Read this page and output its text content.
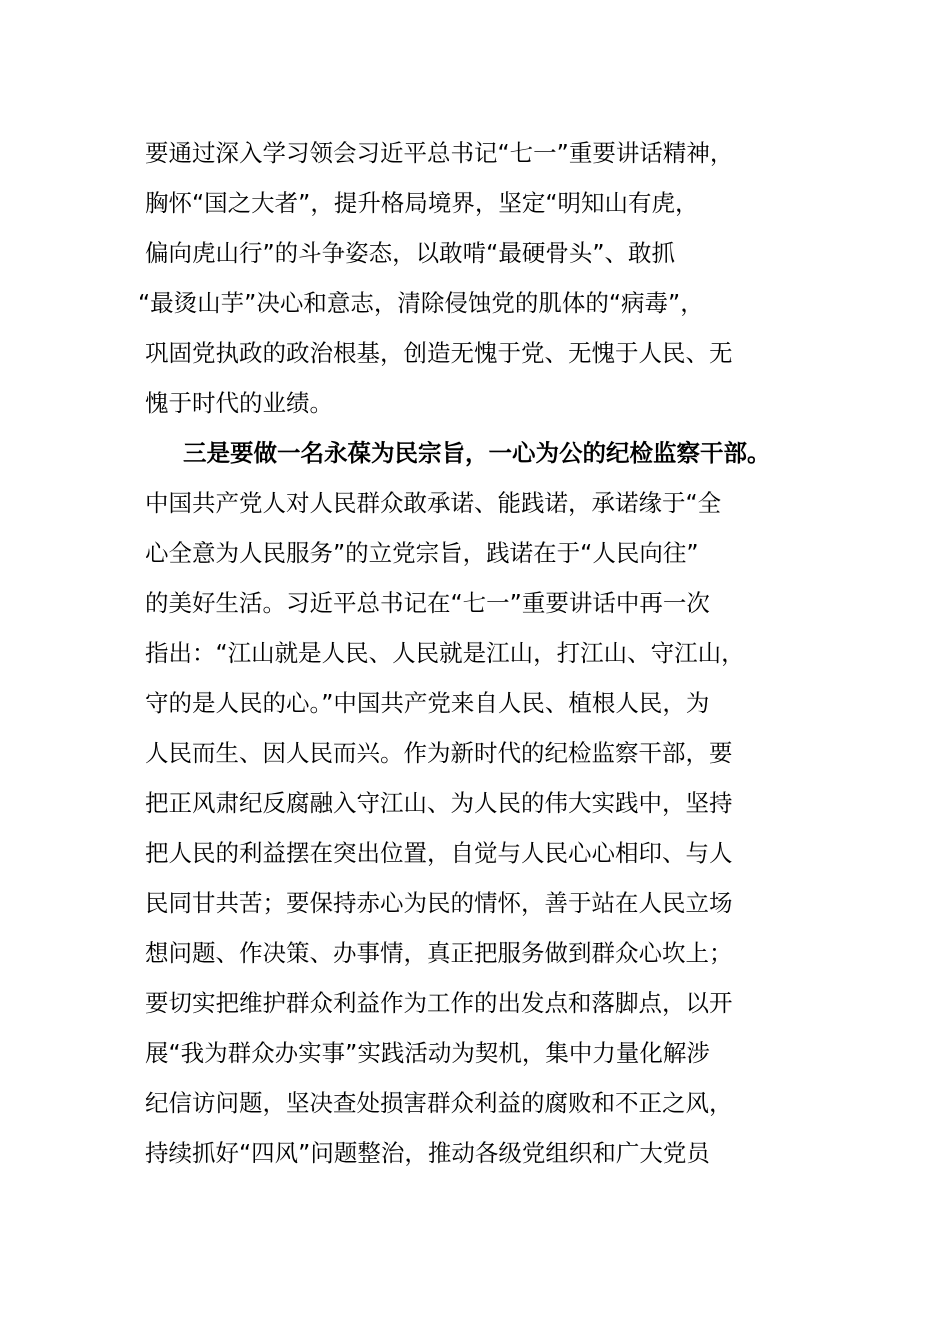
要通过深入学习领会习近平总书记“七一”重要讲话精神，
胸怀“国之大者”，提升格局境界，坚定“明知山有虎，
偏向虎山行”的斗争姿态，以敢啃“最硬骨头”、敢抓
“最烫山芋”决心和意志，清除侵蚀党的肌体的“病毒”，
巩固党执政的政治根基，创造无愧于党、无愧于人民、无
愧于时代的业绩。
三是要做一名永葆为民宗旨，一心为公的纪检监察干部。
中国共产党人对人民群众敢承诺、能践诺，承诺缘于“全
心全意为人民服务”的立党宗旨，践诺在于“人民向往”
的美好生活。习近平总书记在“七一”重要讲话中再一次
指出：“江山就是人民、人民就是江山，打江山、守江山，
守的是人民的心。”中国共产党来自人民、植根人民，为
人民而生、因人民而兴。作为新时代的纪检监察干部，要
把正风肃纪反腐融入守江山、为人民的伟大实践中，坚持
把人民的利益摆在突出位置，自觉与人民心心相印、与人
民同甘共苦；要保持赤心为民的情怀，善于站在人民立场
想问题、作决策、办事情，真正把服务做到群众心坎上；
要切实把维护群众利益作为工作的出发点和落脚点，以开
展“我为群众办实事”实践活动为契机，集中力量化解涉
纪信访问题，坚决查处损害群众利益的腐败和不正之风，
持续抓好“四风”问题整治，推动各级党组织和广大党员
